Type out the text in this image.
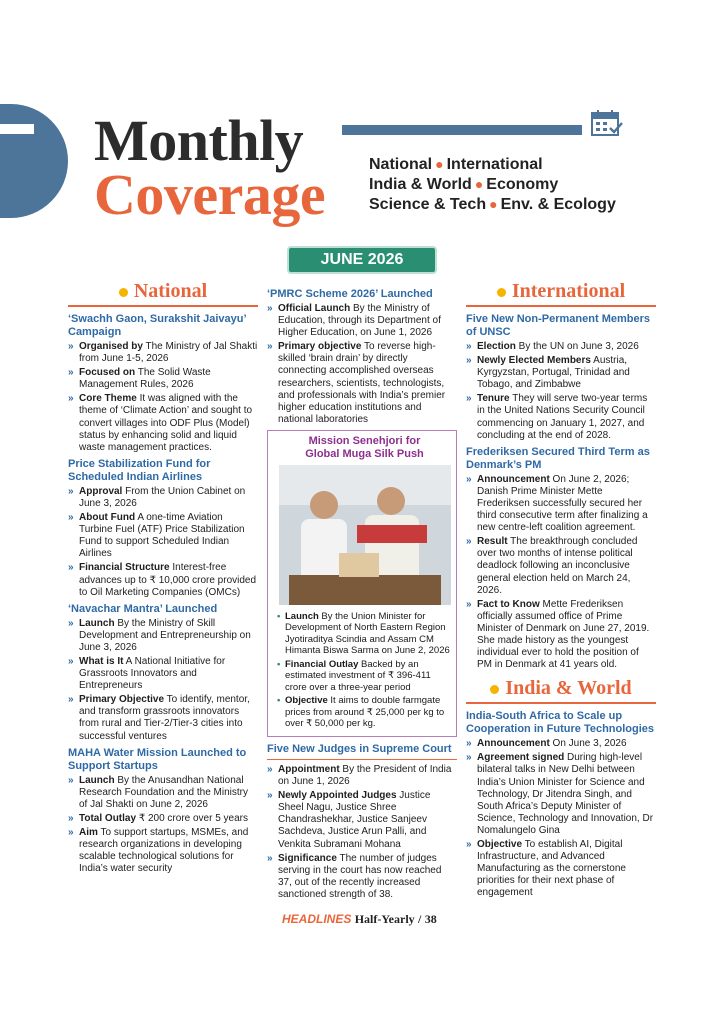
Monthly
Coverage	National ● International
India & World ● Economy
Science & Tech ● Env. & Ecology
JUNE 2026
National
‘Swachh Gaon, Surakshit Jaivayu’ Campaign
» Organised by The Ministry of Jal Shakti from June 1-5, 2026
» Focused on The Solid Waste Management Rules, 2026
» Core Theme It was aligned with the theme of ‘Climate Action’ and sought to convert villages into ODF Plus (Model) status by enhancing solid and liquid waste management practices.
Price Stabilization Fund for Scheduled Indian Airlines
» Approval From the Union Cabinet on June 3, 2026
» About Fund A one-time Aviation Turbine Fuel (ATF) Price Stabilization Fund to support Scheduled Indian Airlines
» Financial Structure Interest-free advances up to ₹ 10,000 crore provided to Oil Marketing Companies (OMCs)
‘Navachar Mantra’ Launched
» Launch By the Ministry of Skill Development and Entrepreneurship on June 3, 2026
» What is It A National Initiative for Grassroots Innovators and Entrepreneurs
» Primary Objective To identify, mentor, and transform grassroots innovators from rural and Tier-2/Tier-3 cities into successful ventures
MAHA Water Mission Launched to Support Startups
» Launch By the Anusandhan National Research Foundation and the Ministry of Jal Shakti on June 2, 2026
» Total Outlay ₹ 200 crore over 5 years
» Aim To support startups, MSMEs, and research organizations in developing scalable technological solutions for India’s water security
‘PMRC Scheme 2026’ Launched
» Official Launch By the Ministry of Education, through its Department of Higher Education, on June 1, 2026
» Primary objective To reverse high-skilled ‘brain drain’ by directly connecting accomplished overseas researchers, scientists, technologists, and professionals with India’s premier higher education institutions and national laboratories
Mission Senehjori for
Global Muga Silk Push
• Launch By the Union Minister for Development of North Eastern Region Jyotiraditya Scindia and Assam CM Himanta Biswa Sarma on June 2, 2026
• Financial Outlay Backed by an estimated investment of ₹ 396-411 crore over a three-year period
• Objective It aims to double farmgate prices from around ₹ 25,000 per kg to over ₹ 50,000 per kg.
Five New Judges in Supreme Court
» Appointment By the President of India on June 1, 2026
» Newly Appointed Judges Justice Sheel Nagu, Justice Shree Chandrashekhar, Justice Sanjeev Sachdeva, Justice Arun Palli, and Venkita Subramani Mohana
» Significance The number of judges serving in the court has now reached 37, out of the recently increased sanctioned strength of 38.
International
Five New Non-Permanent Members of UNSC
» Election By the UN on June 3, 2026
» Newly Elected Members Austria, Kyrgyzstan, Portugal, Trinidad and Tobago, and Zimbabwe
» Tenure They will serve two-year terms in the United Nations Security Council commencing on January 1, 2027, and concluding at the end of 2028.
Frederiksen Secured Third Term as Denmark’s PM
» Announcement On June 2, 2026; Danish Prime Minister Mette Frederiksen successfully secured her third consecutive term after finalizing a new centre-left coalition agreement.
» Result The breakthrough concluded over two months of intense political deadlock following an inconclusive general election held on March 24, 2026.
» Fact to Know Mette Frederiksen officially assumed office of Prime Minister of Denmark on June 27, 2019. She made history as the youngest individual ever to hold the position of PM in Denmark at 41 years old.
India & World
India-South Africa to Scale up Cooperation in Future Technologies
» Announcement On June 3, 2026
» Agreement signed During high-level bilateral talks in New Delhi between India’s Union Minister for Science and Technology, Dr Jitendra Singh, and South Africa’s Deputy Minister of Science, Technology and Innovation, Dr Nomalungelo Gina
» Objective To establish AI, Digital Infrastructure, and Advanced Manufacturing as the cornerstone priorities for their next phase of engagement
HEADLINES Half-Yearly / 38
